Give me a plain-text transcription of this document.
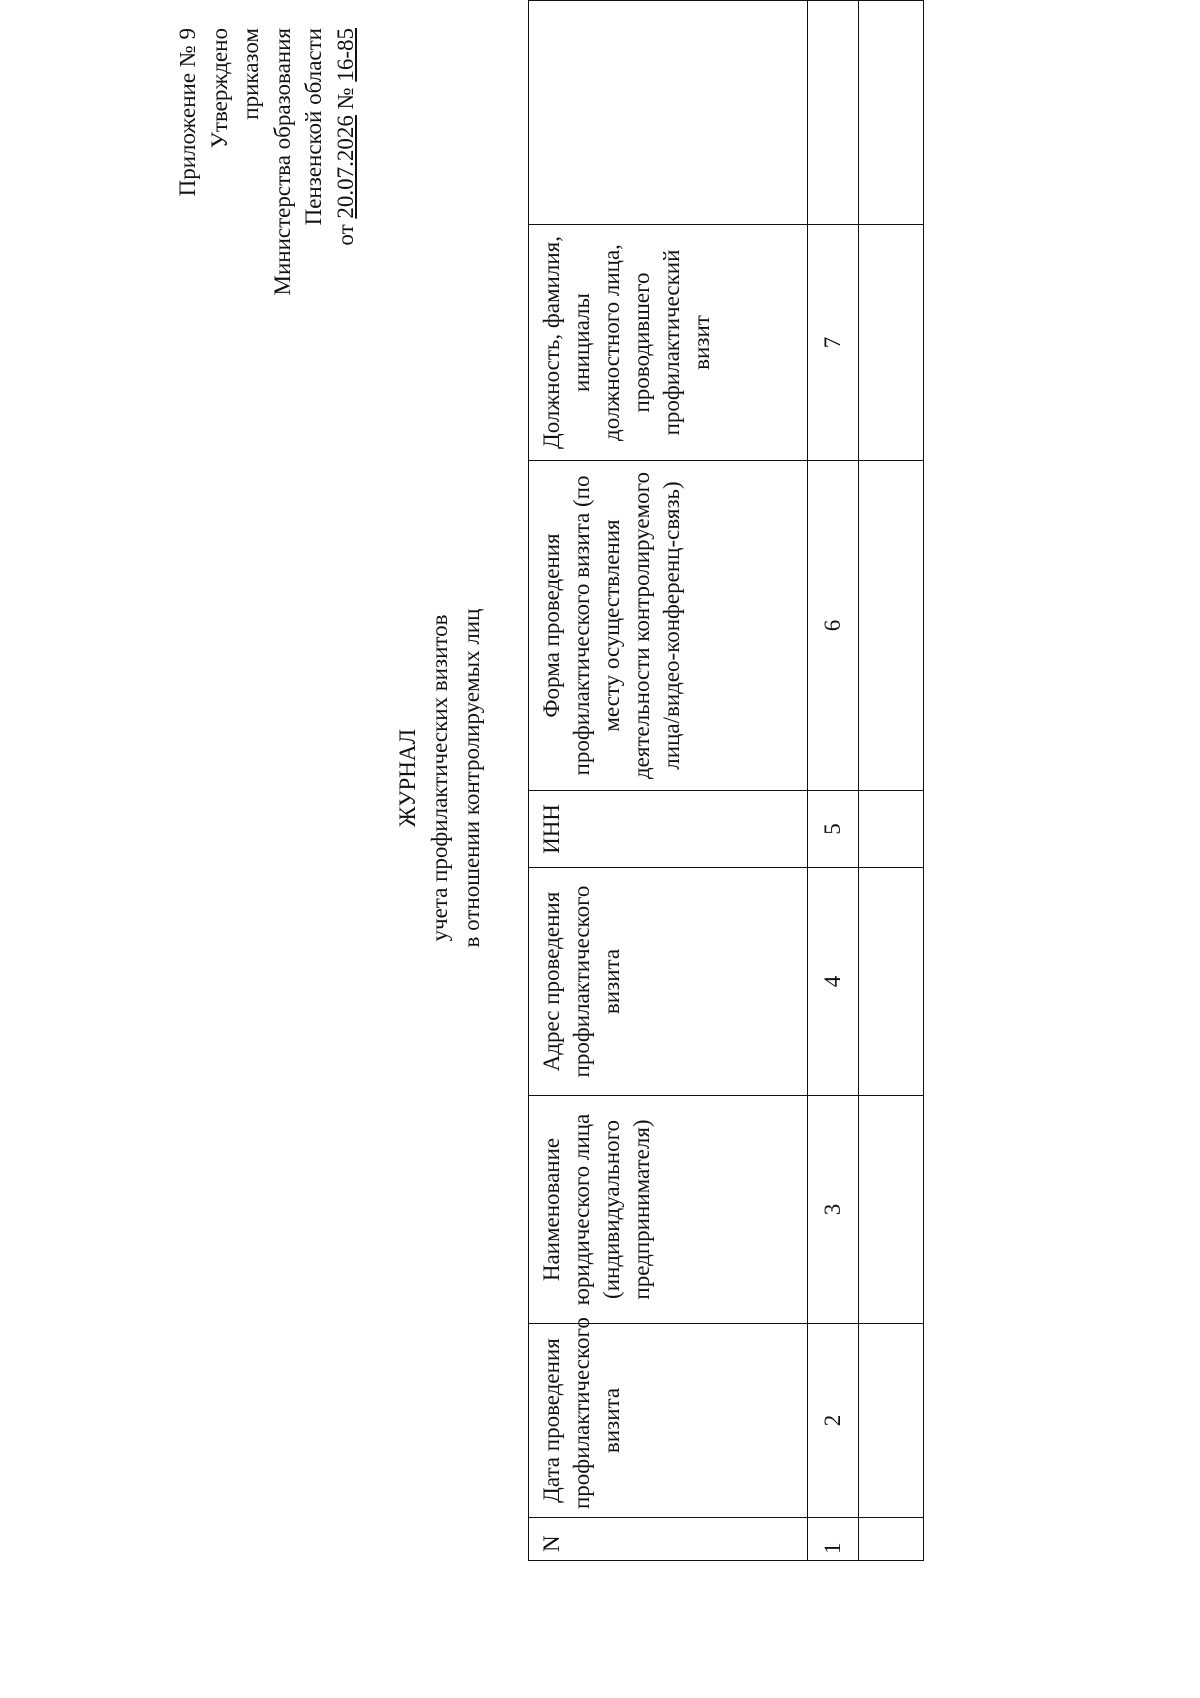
Приложение № 9 Утверждено приказом Министерства образования Пензенской области
от 20.07.2026 № 16-85
ЖУРНАЛ учета профилактических визитов в отношении контролируемых лиц
N	Дата проведения профилактического визита	Наименование юридического лица (индивидуального предпринимателя)	Адрес проведения профилактического визита	ИНН	Форма проведения профилактического визита (по месту осуществления деятельности контролируемого лица/видео-конференц-связь)	Должность, фамилия, инициалы должностного лица, проводившего профилактический визит	
1	2	3	4	5	6	7	
